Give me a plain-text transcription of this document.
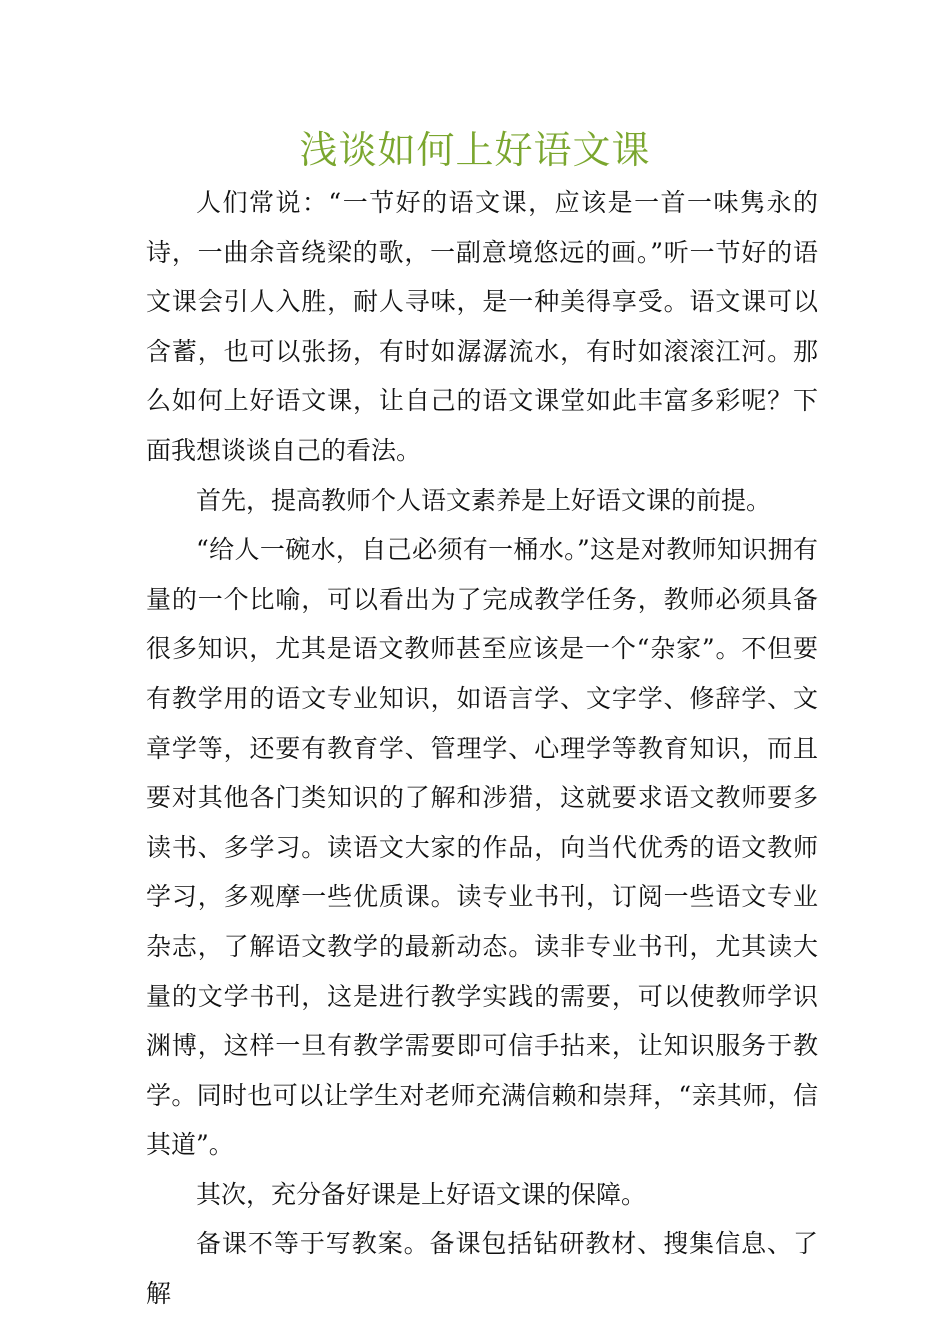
浅谈如何上好语文课

人们常说：“一节好的语文课，应该是一首一味隽永的诗，一曲余音绕梁的歌，一副意境悠远的画。”听一节好的语文课会引人入胜，耐人寻味，是一种美得享受。语文课可以含蓄，也可以张扬，有时如潺潺流水，有时如滚滚江河。那么如何上好语文课，让自己的语文课堂如此丰富多彩呢？下面我想谈谈自己的看法。

首先，提高教师个人语文素养是上好语文课的前提。

“给人一碗水，自己必须有一桶水。”这是对教师知识拥有量的一个比喻，可以看出为了完成教学任务，教师必须具备很多知识，尤其是语文教师甚至应该是一个“杂家”。不但要有教学用的语文专业知识，如语言学、文字学、修辞学、文章学等，还要有教育学、管理学、心理学等教育知识，而且要对其他各门类知识的了解和涉猎，这就要求语文教师要多读书、多学习。读语文大家的作品，向当代优秀的语文教师学习，多观摩一些优质课。读专业书刊，订阅一些语文专业杂志，了解语文教学的最新动态。读非专业书刊，尤其读大量的文学书刊，这是进行教学实践的需要，可以使教师学识渊博，这样一旦有教学需要即可信手拈来，让知识服务于教学。同时也可以让学生对老师充满信赖和崇拜，“亲其师，信其道”。

其次，充分备好课是上好语文课的保障。

备课不等于写教案。备课包括钻研教材、搜集信息、了解
